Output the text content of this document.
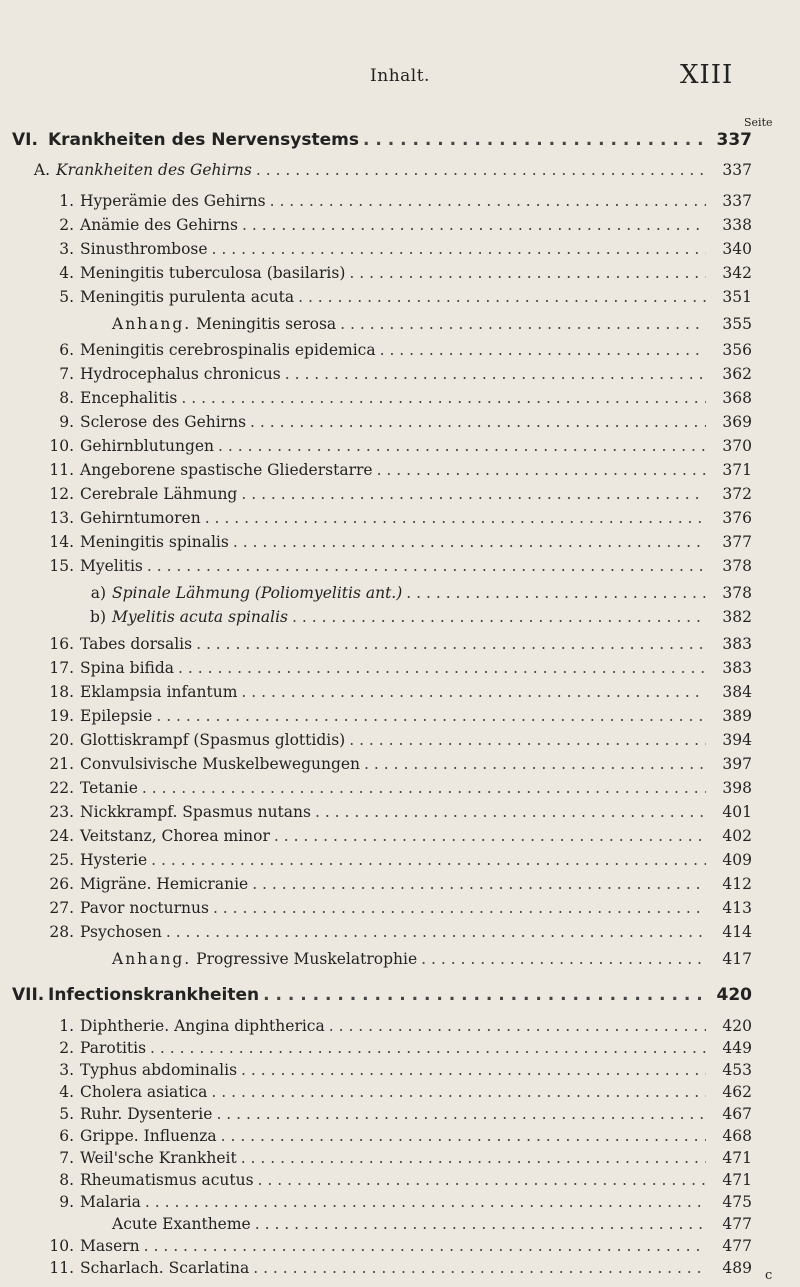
Inhalt.	XIII
Seite
VI. Krankheiten des Nervensystems . . .	337
A. Krankheiten des Gehirns . . .	337
1. Hyperämie des Gehirns . . .	337
2. Anämie des Gehirns . . .	338
3. Sinusthrombose . . .	340
4. Meningitis tuberculosa (basilaris) . . .	342
5. Meningitis purulenta acuta . . .	351
Anhang. Meningitis serosa . . .	355
6. Meningitis cerebrospinalis epidemica . . .	356
7. Hydrocephalus chronicus . . .	362
8. Encephalitis . . .	368
9. Sclerose des Gehirns . . .	369
10. Gehirnblutungen . . .	370
11. Angeborene spastische Gliederstarre . . .	371
12. Cerebrale Lähmung . . .	372
13. Gehirntumoren . . .	376
14. Meningitis spinalis . . .	377
15. Myelitis . . .	378
a) Spinale Lähmung (Poliomyelitis ant.) . . .	378
b) Myelitis acuta spinalis . . .	382
16. Tabes dorsalis . . .	383
17. Spina bifida . . .	383
18. Eklampsia infantum . . .	384
19. Epilepsie . . .	389
20. Glottiskrampf (Spasmus glottidis) . . .	394
21. Convulsivische Muskelbewegungen . . .	397
22. Tetanie . . .	398
23. Nickkrampf. Spasmus nutans . . .	401
24. Veitstanz, Chorea minor . . .	402
25. Hysterie . . .	409
26. Migräne. Hemicranie . . .	412
27. Pavor nocturnus . . .	413
28. Psychosen . . .	414
Anhang. Progressive Muskelatrophie . . .	417
VII. Infectionskrankheiten . . .	420
1. Diphtherie. Angina diphtherica . . .	420
2. Parotitis . . .	449
3. Typhus abdominalis . . .	453
4. Cholera asiatica . . .	462
5. Ruhr. Dysenterie . . .	467
6. Grippe. Influenza . . .	468
7. Weil'sche Krankheit . . .	471
8. Rheumatismus acutus . . .	471
9. Malaria . . .	475
Acute Exantheme . . .	477
10. Masern . . .	477
11. Scharlach. Scarlatina . . .	489 c
